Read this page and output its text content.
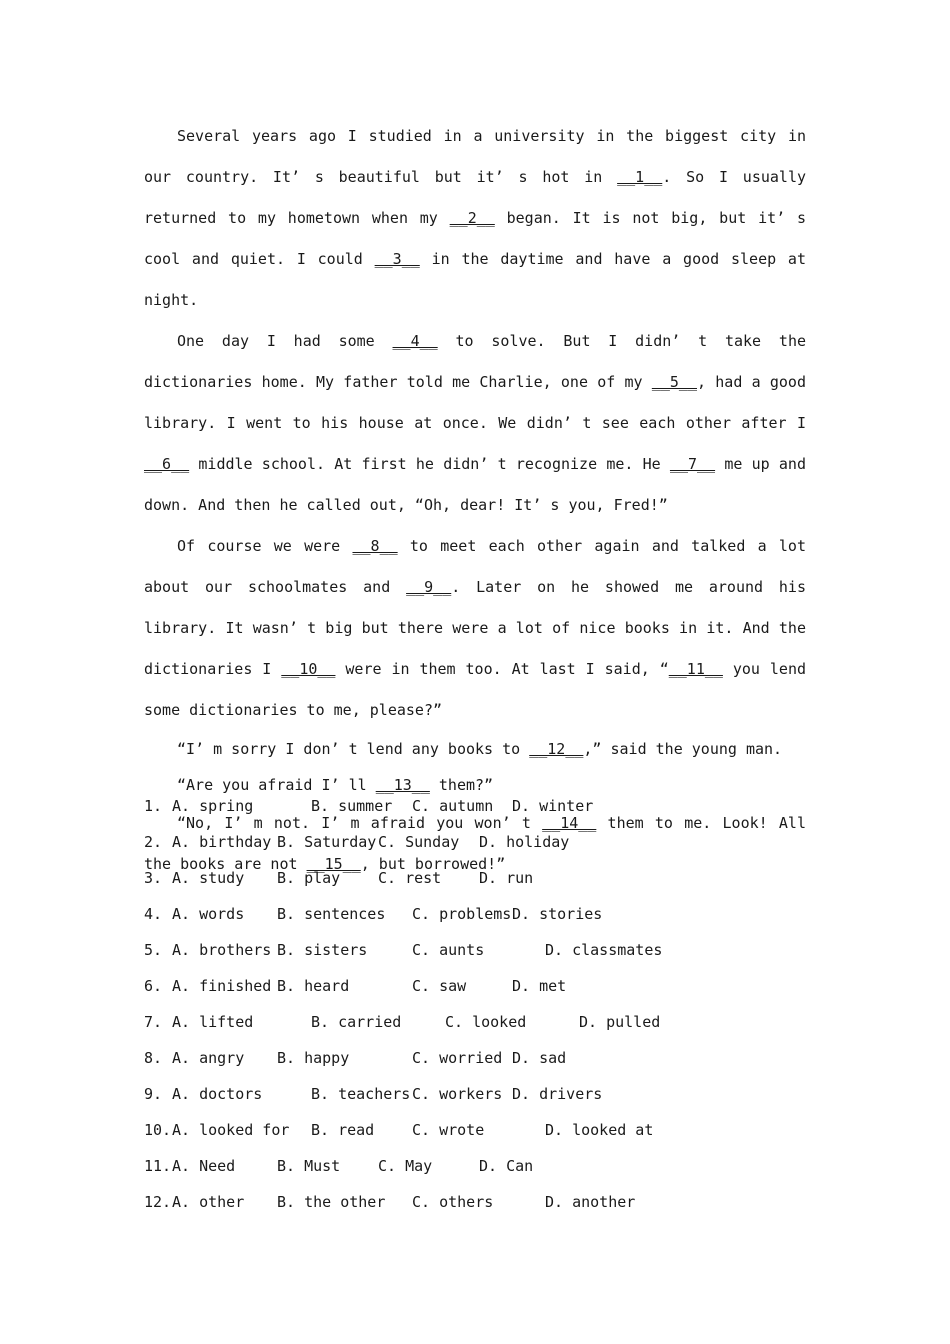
Several years ago I studied in a university in the biggest city in our country. It’ s beautiful but it’ s hot in __1__. So I usually returned to my hometown when my __2__ began. It is not big, but it’ s cool and quiet. I could __3__ in the daytime and have a good sleep at night.

One day I had some __4__ to solve. But I didn’ t take the dictionaries home. My father told me Charlie, one of my __5__, had a good library. I went to his house at once. We didn’ t see each other after I __6__ middle school. At first he didn’ t recognize me. He __7__ me up and down. And then he called out, “Oh, dear! It’ s you, Fred!”

Of course we were __8__ to meet each other again and talked a lot about our schoolmates and __9__. Later on he showed me around his library. It wasn’ t big but there were a lot of nice books in it. And the dictionaries I __10__ were in them too. At last I said, “__11__ you lend some dictionaries to me, please?”

“I’ m sorry I don’ t lend any books to __12__,” said the young man.

“Are you afraid I’ ll __13__ them?”

“No, I’ m not. I’ m afraid you won’ t __14__ them to me. Look! All the books are not __15__, but borrowed!”

1. A. spring	B. summer C. autumn D. winter
2. A. birthday B. Saturday C. Sunday D. holiday
3. A. study B. play	C. rest	D. run
4. A. words B. sentences C. problems D. stories
5. A. brothers B. sisters	C. aunts	D. classmates
6. A. finished B. heard	C. saw	D. met
7. A. lifted	B. carried	C. looked	D. pulled
8. A. angry B. happy	C. worried D. sad
9. A. doctors	B. teachers C. workers D. drivers
10. A. looked for B. read	C. wrote	D. looked at
11. A. Need	B. Must	C. May	D. Can
12. A. other B. the other C. others	D. another
